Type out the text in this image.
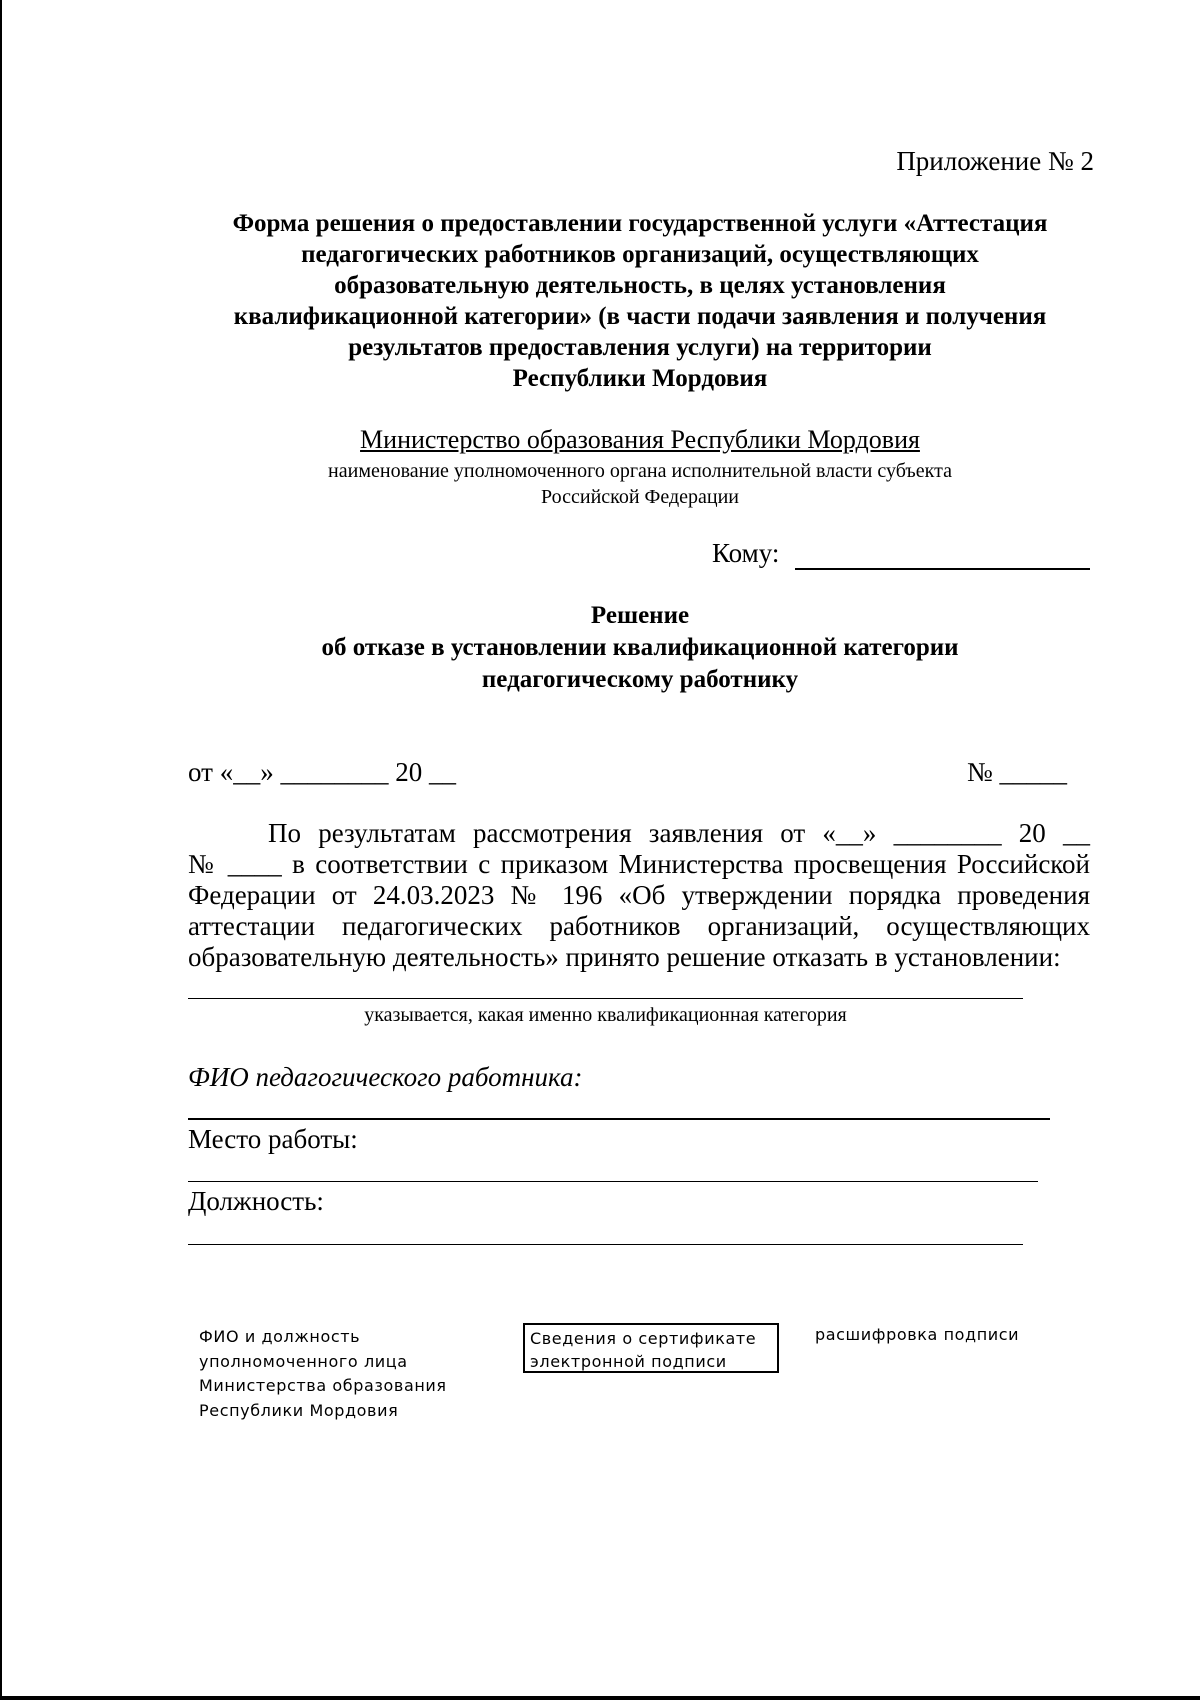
Приложение № 2
Форма решения о предоставлении государственной услуги «Аттестация
педагогических работников организаций, осуществляющих
образовательную деятельность, в целях установления
квалификационной категории» (в части подачи заявления и получения
результатов предоставления услуги) на территории
Республики Мордовия
Министерство образования Республики Мордовия
наименование уполномоченного органа исполнительной власти субъекта
Российской Федерации
Кому:
Решение
об отказе в установлении квалификационной категории
педагогическому работнику
от «__» ________ 20 __	№ _____
По результатам рассмотрения заявления от «__» ________ 20 __
№ ____ в соответствии с приказом Министерства просвещения Российской
Федерации от 24.03.2023 № 196 «Об утверждении порядка проведения
аттестации педагогических работников организаций, осуществляющих
образовательную деятельность» принято решение отказать в установлении:
указывается, какая именно квалификационная категория
ФИО педагогического работника:
Место работы:
Должность:
ФИО и должность
уполномоченного лица
Министерства образования
Республики Мордовия
Сведения о сертификате
электронной подписи
расшифровка подписи
